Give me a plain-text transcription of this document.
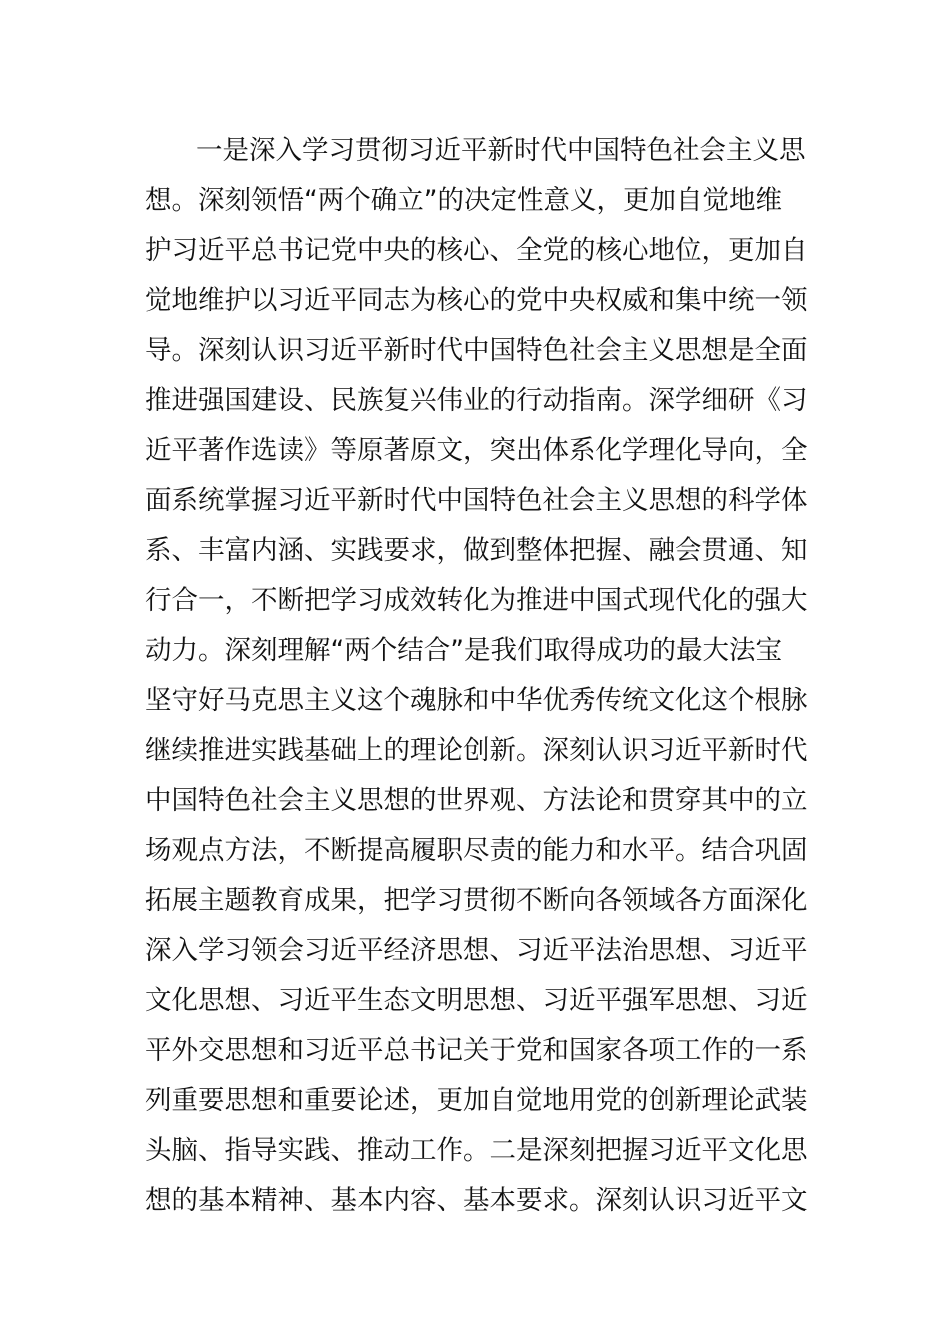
一是深入学习贯彻习近平新时代中国特色社会主义思
想。深刻领悟“两个确立”的决定性意义，更加自觉地维
护习近平总书记党中央的核心、全党的核心地位，更加自
觉地维护以习近平同志为核心的党中央权威和集中统一领
导。深刻认识习近平新时代中国特色社会主义思想是全面
推进强国建设、民族复兴伟业的行动指南。深学细研《习
近平著作选读》等原著原文，突出体系化学理化导向，全
面系统掌握习近平新时代中国特色社会主义思想的科学体
系、丰富内涵、实践要求，做到整体把握、融会贯通、知
行合一，不断把学习成效转化为推进中国式现代化的强大
动力。深刻理解“两个结合”是我们取得成功的最大法宝
坚守好马克思主义这个魂脉和中华优秀传统文化这个根脉
继续推进实践基础上的理论创新。深刻认识习近平新时代
中国特色社会主义思想的世界观、方法论和贯穿其中的立
场观点方法，不断提高履职尽责的能力和水平。结合巩固
拓展主题教育成果，把学习贯彻不断向各领域各方面深化
深入学习领会习近平经济思想、习近平法治思想、习近平
文化思想、习近平生态文明思想、习近平强军思想、习近
平外交思想和习近平总书记关于党和国家各项工作的一系
列重要思想和重要论述，更加自觉地用党的创新理论武装
头脑、指导实践、推动工作。二是深刻把握习近平文化思
想的基本精神、基本内容、基本要求。深刻认识习近平文
